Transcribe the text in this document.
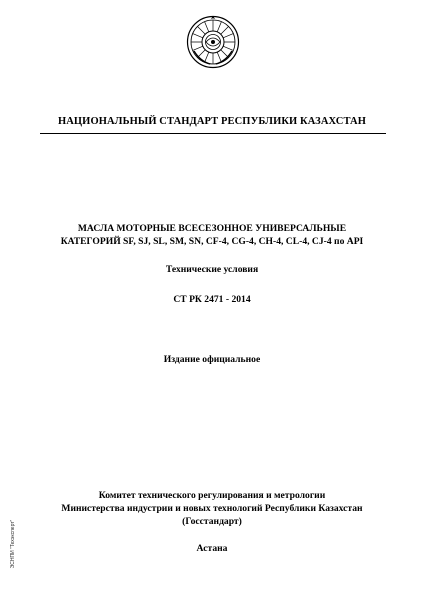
НАЦИОНАЛЬНЫЙ СТАНДАРТ РЕСПУБЛИКИ КАЗАХСТАН
МАСЛА МОТОРНЫЕ ВСЕСЕЗОННОЕ УНИВЕРСАЛЬНЫЕ
КАТЕГОРИЙ SF, SJ, SL, SM, SN, CF-4, CG-4, CH-4, CL-4, CJ-4 по API
Технические условия
СТ РК 2471 - 2014
Издание официальное
Комитет технического регулирования и метрологии
Министерства индустрии и новых технологий Республики Казахстан
(Госстандарт)
Астана
ЭСНПИ "Техэксперт"
